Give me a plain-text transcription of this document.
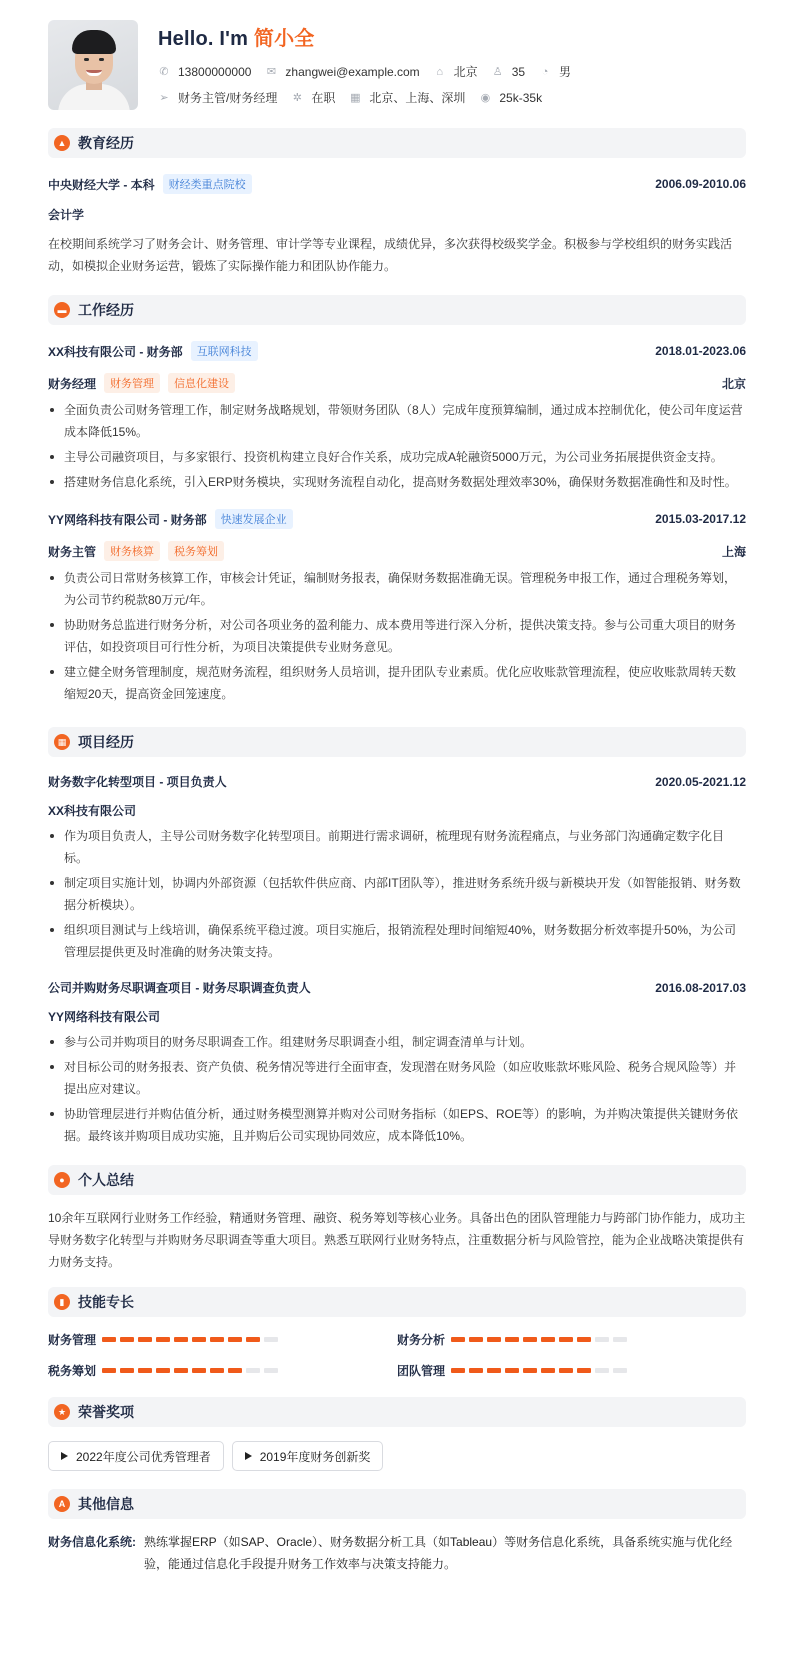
Hello. I'm 简小全
✆ 13800000000 ✉ zhangwei@example.com ⌂ 北京 ♙ 35 ◔ 男
➢ 财务主管/财务经理 ✲ 在职 ▦ 北京、上海、深圳 ◉ 25k-35k
▲ 教育经历
中央财经大学 - 本科	财经类重点院校	2006.09-2010.06
会计学
在校期间系统学习了财务会计、财务管理、审计学等专业课程，成绩优异，多次获得校级奖学金。积极参与学校组织的财务实践活动，如模拟企业财务运营，锻炼了实际操作能力和团队协作能力。
▬ 工作经历
XX科技有限公司 - 财务部	互联网科技	2018.01-2023.06
财务经理	财务管理	信息化建设	北京
全面负责公司财务管理工作，制定财务战略规划，带领财务团队（8人）完成年度预算编制，通过成本控制优化，使公司年度运营成本降低15%。
主导公司融资项目，与多家银行、投资机构建立良好合作关系，成功完成A轮融资5000万元，为公司业务拓展提供资金支持。
搭建财务信息化系统，引入ERP财务模块，实现财务流程自动化，提高财务数据处理效率30%，确保财务数据准确性和及时性。
YY网络科技有限公司 - 财务部	快速发展企业	2015.03-2017.12
财务主管	财务核算	税务筹划	上海
负责公司日常财务核算工作，审核会计凭证，编制财务报表，确保财务数据准确无误。管理税务申报工作，通过合理税务筹划，为公司节约税款80万元/年。
协助财务总监进行财务分析，对公司各项业务的盈利能力、成本费用等进行深入分析，提供决策支持。参与公司重大项目的财务评估，如投资项目可行性分析，为项目决策提供专业财务意见。
建立健全财务管理制度，规范财务流程，组织财务人员培训，提升团队专业素质。优化应收账款管理流程，使应收账款周转天数缩短20天，提高资金回笼速度。
▦ 项目经历
财务数字化转型项目 - 项目负责人	2020.05-2021.12
XX科技有限公司
作为项目负责人，主导公司财务数字化转型项目。前期进行需求调研，梳理现有财务流程痛点，与业务部门沟通确定数字化目标。
制定项目实施计划，协调内外部资源（包括软件供应商、内部IT团队等），推进财务系统升级与新模块开发（如智能报销、财务数据分析模块）。
组织项目测试与上线培训，确保系统平稳过渡。项目实施后，报销流程处理时间缩短40%，财务数据分析效率提升50%，为公司管理层提供更及时准确的财务决策支持。
公司并购财务尽职调查项目 - 财务尽职调查负责人	2016.08-2017.03
YY网络科技有限公司
参与公司并购项目的财务尽职调查工作。组建财务尽职调查小组，制定调查清单与计划。
对目标公司的财务报表、资产负债、税务情况等进行全面审查，发现潜在财务风险（如应收账款坏账风险、税务合规风险等）并提出应对建议。
协助管理层进行并购估值分析，通过财务模型测算并购对公司财务指标（如EPS、ROE等）的影响，为并购决策提供关键财务依据。最终该并购项目成功实施，且并购后公司实现协同效应，成本降低10%。
● 个人总结
10余年互联网行业财务工作经验，精通财务管理、融资、税务筹划等核心业务。具备出色的团队管理能力与跨部门协作能力，成功主导财务数字化转型与并购财务尽职调查等重大项目。熟悉互联网行业财务特点，注重数据分析与风险管控，能为企业战略决策提供有力财务支持。
▮ 技能专长
财务管理	财务分析
税务筹划	团队管理
★ 荣誉奖项
2022年度公司优秀管理者	2019年度财务创新奖
A 其他信息
财务信息化系统: 熟练掌握ERP（如SAP、Oracle）、财务数据分析工具（如Tableau）等财务信息化系统，具备系统实施与优化经验，能通过信息化手段提升财务工作效率与决策支持能力。
